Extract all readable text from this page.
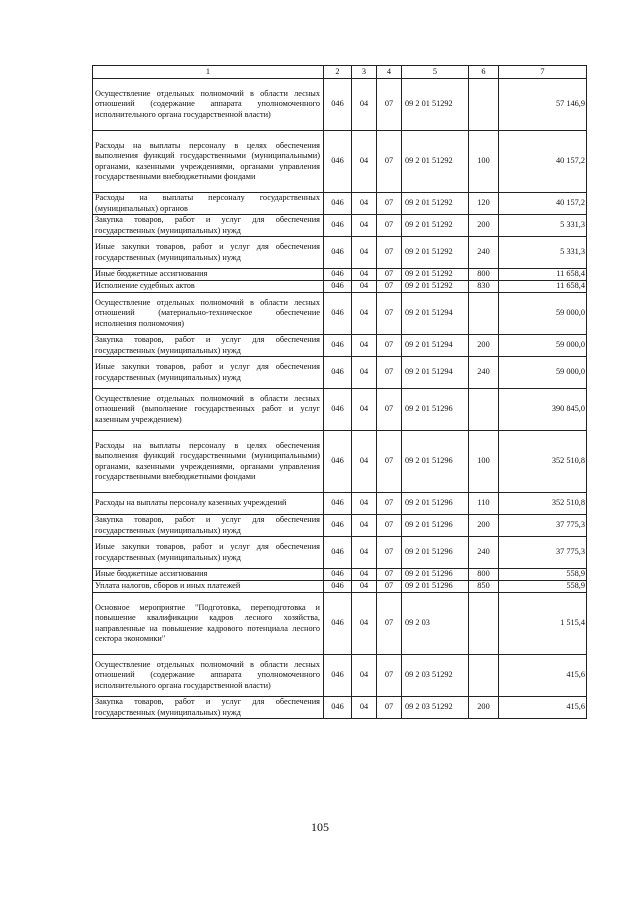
1	2	3	4	5	6	7
Осуществление отдельных полномочий в области лесных отношений (содержание аппарата уполномоченного исполнительного органа государственной власти)	046	04	07	09 2 01 51292		57 146,9
Расходы на выплаты персоналу в целях обеспечения выполнения функций государственными (муниципальными) органами, казенными учреждениями, органами управления государственными внебюджетными фондами	046	04	07	09 2 01 51292	100	40 157,2
Расходы на выплаты персоналу государственных (муниципальных) органов	046	04	07	09 2 01 51292	120	40 157,2
Закупка товаров, работ и услуг для обеспечения государственных (муниципальных) нужд	046	04	07	09 2 01 51292	200	5 331,3
Иные закупки товаров, работ и услуг для обеспечения государственных (муниципальных) нужд	046	04	07	09 2 01 51292	240	5 331,3
Иные бюджетные ассигнования	046	04	07	09 2 01 51292	800	11 658,4
Исполнение судебных актов	046	04	07	09 2 01 51292	830	11 658,4
Осуществление отдельных полномочий в области лесных отношений (материально-техническое обеспечение исполнения полномочия)	046	04	07	09 2 01 51294		59 000,0
Закупка товаров, работ и услуг для обеспечения государственных (муниципальных) нужд	046	04	07	09 2 01 51294	200	59 000,0
Иные закупки товаров, работ и услуг для обеспечения государственных (муниципальных) нужд	046	04	07	09 2 01 51294	240	59 000,0
Осуществление отдельных полномочий в области лесных отношений (выполнение государственных работ и услуг казенным учреждением)	046	04	07	09 2 01 51296		390 845,0
Расходы на выплаты персоналу в целях обеспечения выполнения функций государственными (муниципальными) органами, казенными учреждениями, органами управления государственными внебюджетными фондами	046	04	07	09 2 01 51296	100	352 510,8
Расходы на выплаты персоналу казенных учреждений	046	04	07	09 2 01 51296	110	352 510,8
Закупка товаров, работ и услуг для обеспечения государственных (муниципальных) нужд	046	04	07	09 2 01 51296	200	37 775,3
Иные закупки товаров, работ и услуг для обеспечения государственных (муниципальных) нужд	046	04	07	09 2 01 51296	240	37 775,3
Иные бюджетные ассигнования	046	04	07	09 2 01 51296	800	558,9
Уплата налогов, сборов и иных платежей	046	04	07	09 2 01 51296	850	558,9
Основное мероприятие "Подготовка, переподготовка и повышение квалификации кадров лесного хозяйства, направленные на повышение кадрового потенциала лесного сектора экономики"	046	04	07	09 2 03		1 515,4
Осуществление отдельных полномочий в области лесных отношений (содержание аппарата уполномоченного исполнительного органа государственной власти)	046	04	07	09 2 03 51292		415,6
Закупка товаров, работ и услуг для обеспечения государственных (муниципальных) нужд	046	04	07	09 2 03 51292	200	415,6
105
